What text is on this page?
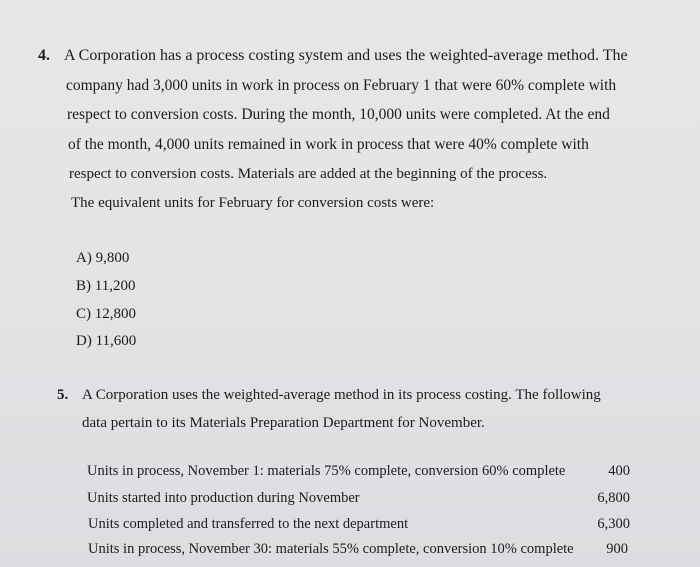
4. A Corporation has a process costing system and uses the weighted-average method. The
company had 3,000 units in work in process on February 1 that were 60% complete with
respect to conversion costs. During the month, 10,000 units were completed. At the end
of the month, 4,000 units remained in work in process that were 40% complete with
respect to conversion costs. Materials are added at the beginning of the process.
The equivalent units for February for conversion costs were:
A) 9,800
B) 11,200
C) 12,800
D) 11,600
5. A Corporation uses the weighted-average method in its process costing. The following
data pertain to its Materials Preparation Department for November.
Units in process, November 1: materials 75% complete, conversion 60% complete	400
Units started into production during November	6,800
Units completed and transferred to the next department	6,300
Units in process, November 30: materials 55% complete, conversion 10% complete	900
